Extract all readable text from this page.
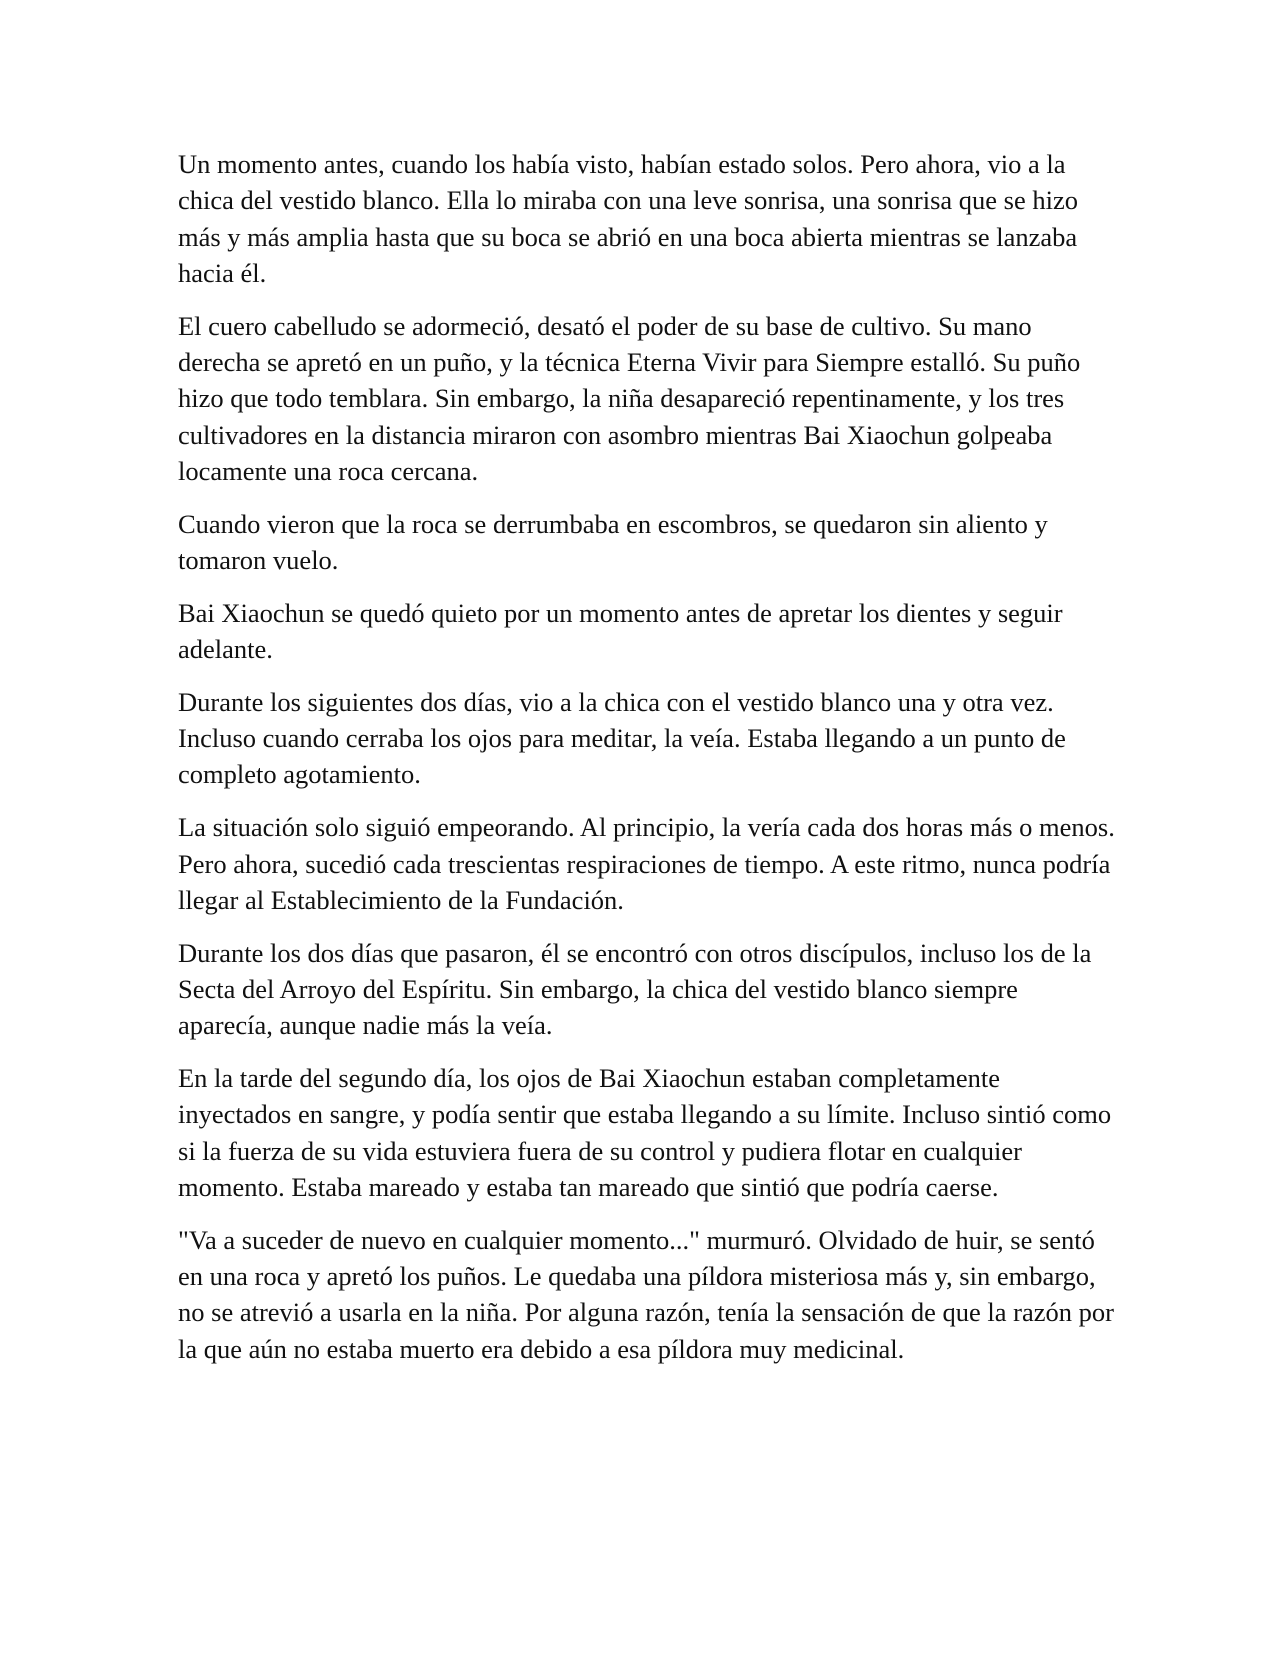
Un momento antes, cuando los había visto, habían estado solos. Pero ahora, vio a la chica del vestido blanco. Ella lo miraba con una leve sonrisa, una sonrisa que se hizo más y más amplia hasta que su boca se abrió en una boca abierta mientras se lanzaba hacia él.

El cuero cabelludo se adormeció, desató el poder de su base de cultivo. Su mano derecha se apretó en un puño, y la técnica Eterna Vivir para Siempre estalló. Su puño hizo que todo temblara. Sin embargo, la niña desapareció repentinamente, y los tres cultivadores en la distancia miraron con asombro mientras Bai Xiaochun golpeaba locamente una roca cercana.

Cuando vieron que la roca se derrumbaba en escombros, se quedaron sin aliento y tomaron vuelo.

Bai Xiaochun se quedó quieto por un momento antes de apretar los dientes y seguir adelante.

Durante los siguientes dos días, vio a la chica con el vestido blanco una y otra vez. Incluso cuando cerraba los ojos para meditar, la veía. Estaba llegando a un punto de completo agotamiento.

La situación solo siguió empeorando. Al principio, la vería cada dos horas más o menos. Pero ahora, sucedió cada trescientas respiraciones de tiempo. A este ritmo, nunca podría llegar al Establecimiento de la Fundación.

Durante los dos días que pasaron, él se encontró con otros discípulos, incluso los de la Secta del Arroyo del Espíritu. Sin embargo, la chica del vestido blanco siempre aparecía, aunque nadie más la veía.

En la tarde del segundo día, los ojos de Bai Xiaochun estaban completamente inyectados en sangre, y podía sentir que estaba llegando a su límite. Incluso sintió como si la fuerza de su vida estuviera fuera de su control y pudiera flotar en cualquier momento. Estaba mareado y estaba tan mareado que sintió que podría caerse.

"Va a suceder de nuevo en cualquier momento..." murmuró. Olvidado de huir, se sentó en una roca y apretó los puños. Le quedaba una píldora misteriosa más y, sin embargo, no se atrevió a usarla en la niña. Por alguna razón, tenía la sensación de que la razón por la que aún no estaba muerto era debido a esa píldora muy medicinal.
